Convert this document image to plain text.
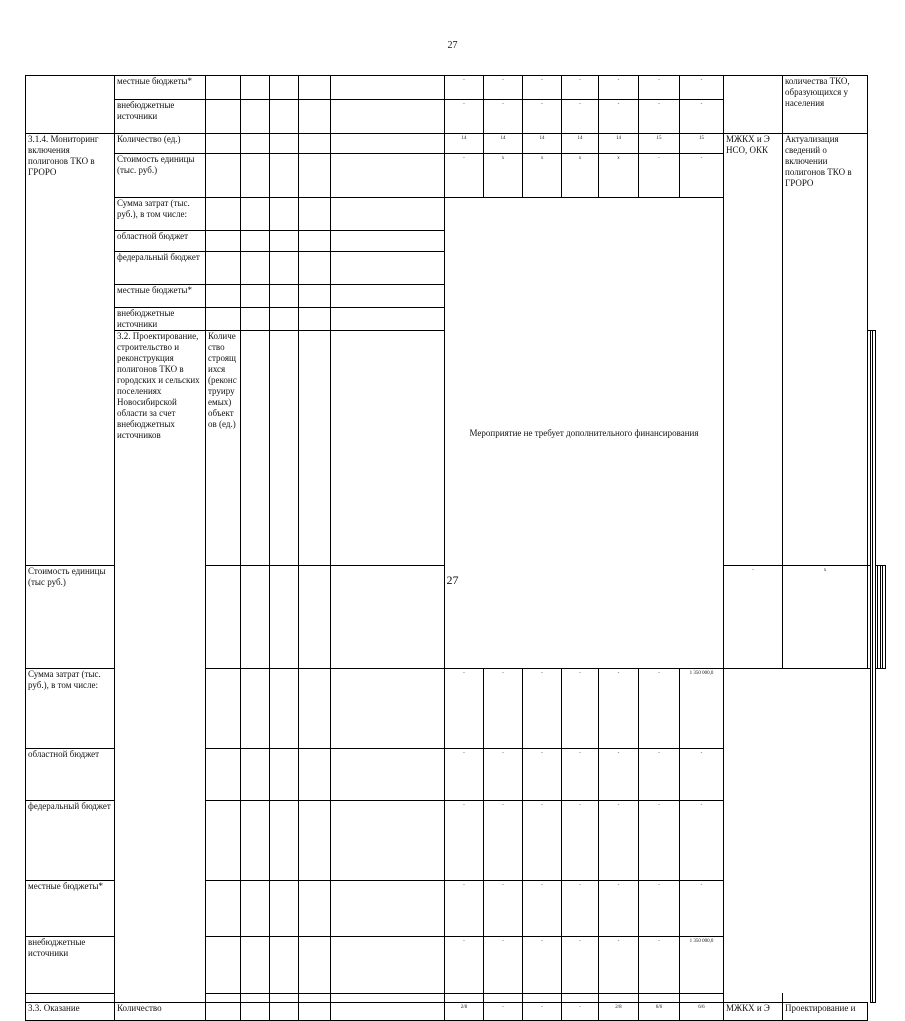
27
	местные бюджеты*						-	-	-	-	-	-	-		количества ТКО, образующихся у населения							
	внебюджетные источники						-	-	-	-	-	-	-									
3.1.4. Мониторинг включения полигонов ТКО в ГРОРО	Количество (ед.)						14	14	14	14	14	15	15	МЖКХ и Э НСО, ОКК	Актуализация сведений о включении полигонов ТКО в ГРОРО							
	Стоимость единицы (тыс. руб.)						-	x	x	x	x	-	-									
	Сумма затрат (тыс. руб.), в том числе:						Мероприятие не требует дополнительного финансирования															
	областной бюджет																					
	федеральный бюджет																					
	местные бюджеты*																					
	внебюджетные источники																					
	3.2. Проектирование, строительство и реконструкция полигонов ТКО в городских и сельских поселениях Новосибирской области за счет внебюджетных источников	Количество строящихся (реконструируемых) объектов (ед.)							
Стоимость единицы (тыс руб.)														-	x					
Сумма затрат (тыс. руб.), в том числе:							-	-	-	-	-	-	1 350 000,0									
областной бюджет							-	-	-	-	-	-	-									
федеральный бюджет							-	-	-	-	-	-	-									
местные бюджеты*							-	-	-	-	-	-	-									
внебюджетные источники							-	-	-	-	-	-	1 350 000,0									

3.3. Оказание	Количество						2/8	-	-	-	2/8	6/6	6/6	МЖКХ и Э	Проектирование и							
27
